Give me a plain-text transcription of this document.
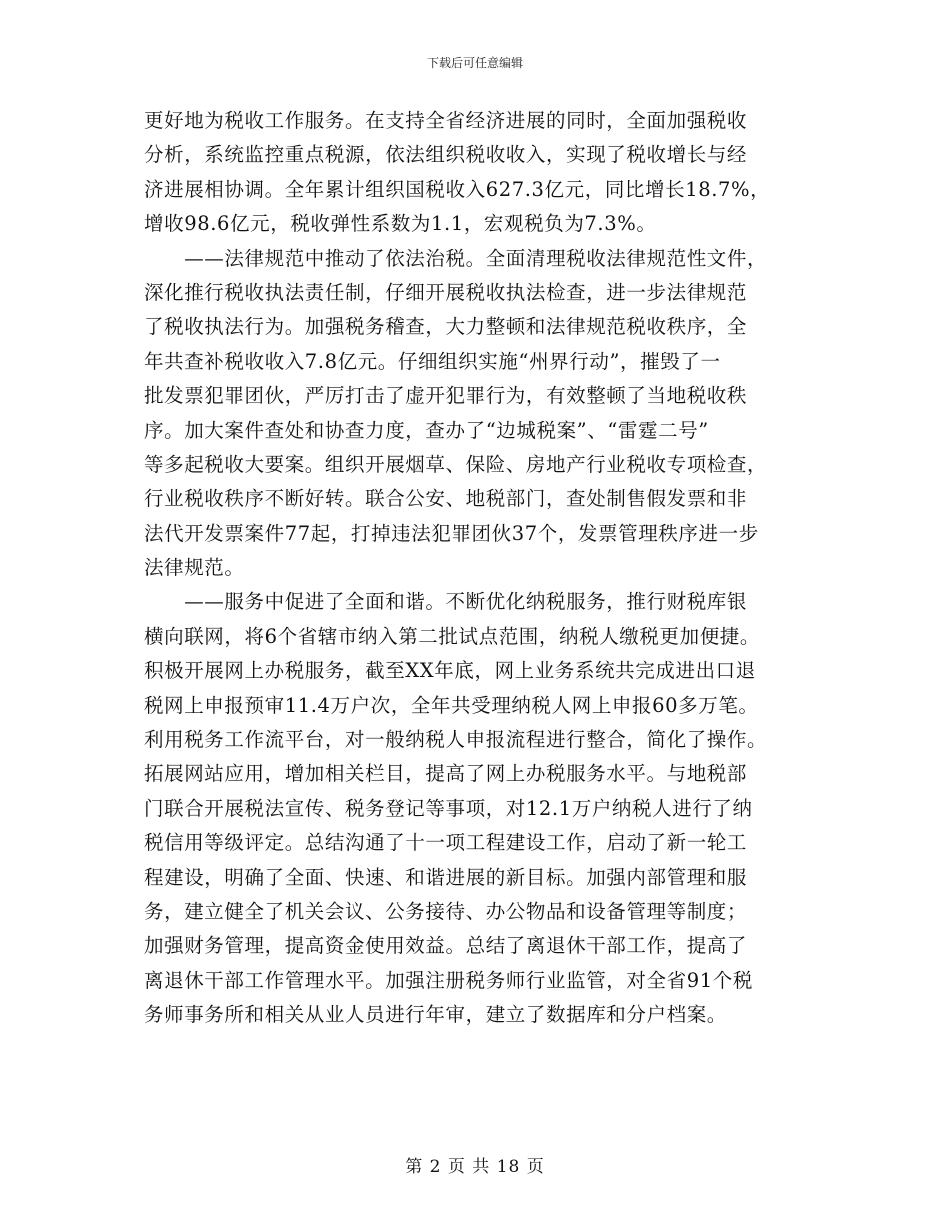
下载后可任意编辑
更好地为税收工作服务。在支持全省经济进展的同时，全面加强税收
分析，系统监控重点税源，依法组织税收收入，实现了税收增长与经
济进展相协调。全年累计组织国税收入627.3亿元，同比增长18.7%，
增收98.6亿元，税收弹性系数为1.1，宏观税负为7.3%。
　　——法律规范中推动了依法治税。全面清理税收法律规范性文件，
深化推行税收执法责任制，仔细开展税收执法检查，进一步法律规范
了税收执法行为。加强税务稽查，大力整顿和法律规范税收秩序，全
年共查补税收收入7.8亿元。仔细组织实施“州界行动”，摧毁了一
批发票犯罪团伙，严厉打击了虚开犯罪行为，有效整顿了当地税收秩
序。加大案件查处和协查力度，查办了“边城税案”、“雷霆二号”
等多起税收大要案。组织开展烟草、保险、房地产行业税收专项检查，
行业税收秩序不断好转。联合公安、地税部门，查处制售假发票和非
法代开发票案件77起，打掉违法犯罪团伙37个，发票管理秩序进一步
法律规范。
　　——服务中促进了全面和谐。不断优化纳税服务，推行财税库银
横向联网，将6个省辖市纳入第二批试点范围，纳税人缴税更加便捷。
积极开展网上办税服务，截至XX年底，网上业务系统共完成进出口退
税网上申报预审11.4万户次，全年共受理纳税人网上申报60多万笔。
利用税务工作流平台，对一般纳税人申报流程进行整合，简化了操作。
拓展网站应用，增加相关栏目，提高了网上办税服务水平。与地税部
门联合开展税法宣传、税务登记等事项，对12.1万户纳税人进行了纳
税信用等级评定。总结沟通了十一项工程建设工作，启动了新一轮工
程建设，明确了全面、快速、和谐进展的新目标。加强内部管理和服
务，建立健全了机关会议、公务接待、办公物品和设备管理等制度；
加强财务管理，提高资金使用效益。总结了离退休干部工作，提高了
离退休干部工作管理水平。加强注册税务师行业监管，对全省91个税
务师事务所和相关从业人员进行年审，建立了数据库和分户档案。
第 2 页 共 18 页
